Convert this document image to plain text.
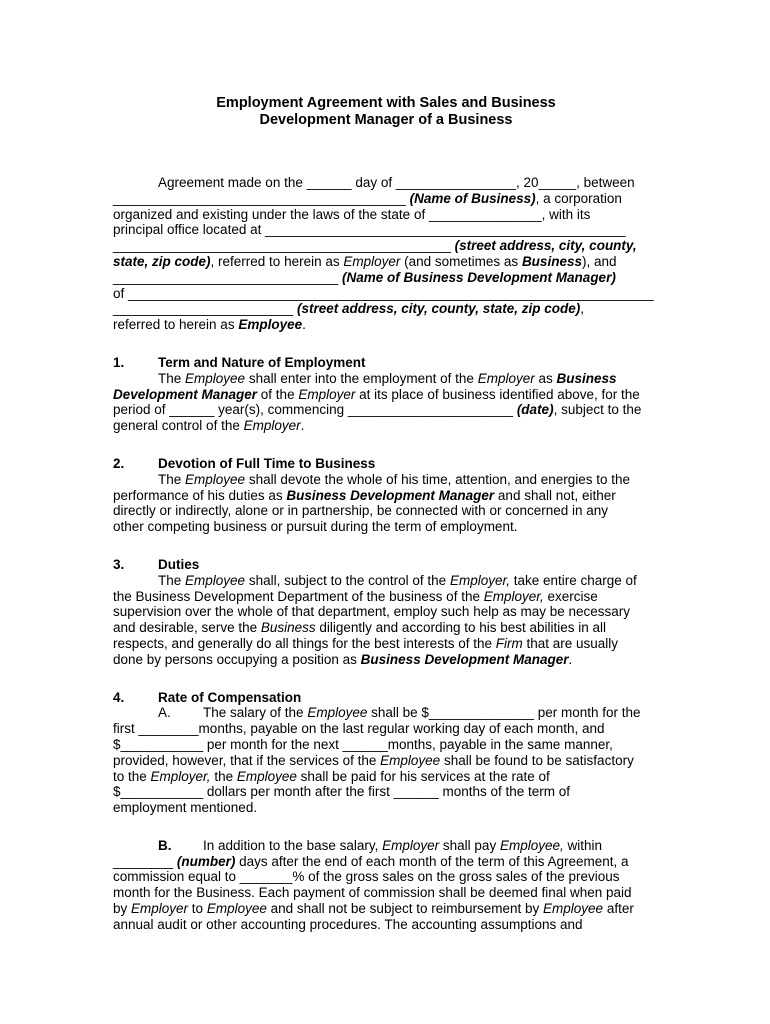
Employment Agreement with Sales and Business
Development Manager of a Business
Agreement made on the ______ day of ________________, 20_____, between
_______________________________________ (Name of Business), a corporation
organized and existing under the laws of the state of _______________, with its
principal office located at ________________________________________________
_____________________________________________ (street address, city, county,
state, zip code), referred to herein as Employer (and sometimes as Business), and
______________________________ (Name of Business Development Manager)
of ______________________________________________________________________
________________________ (street address, city, county, state, zip code),
referred to herein as Employee.
1. Term and Nature of Employment
The Employee shall enter into the employment of the Employer as Business
Development Manager of the Employer at its place of business identified above, for the
period of ______ year(s), commencing ______________________ (date), subject to the
general control of the Employer.
2. Devotion of Full Time to Business
The Employee shall devote the whole of his time, attention, and energies to the
performance of his duties as Business Development Manager and shall not, either
directly or indirectly, alone or in partnership, be connected with or concerned in any
other competing business or pursuit during the term of employment.
3. Duties
The Employee shall, subject to the control of the Employer, take entire charge of
the Business Development Department of the business of the Employer, exercise
supervision over the whole of that department, employ such help as may be necessary
and desirable, serve the Business diligently and according to his best abilities in all
respects, and generally do all things for the best interests of the Firm that are usually
done by persons occupying a position as Business Development Manager.
4. Rate of Compensation
A. The salary of the Employee shall be $______________ per month for the
first ________months, payable on the last regular working day of each month, and
$___________ per month for the next ______months, payable in the same manner,
provided, however, that if the services of the Employee shall be found to be satisfactory
to the Employer, the Employee shall be paid for his services at the rate of
$___________ dollars per month after the first ______ months of the term of
employment mentioned.
B. In addition to the base salary, Employer shall pay Employee, within
________ (number) days after the end of each month of the term of this Agreement, a
commission equal to _______% of the gross sales on the gross sales of the previous
month for the Business. Each payment of commission shall be deemed final when paid
by Employer to Employee and shall not be subject to reimbursement by Employee after
annual audit or other accounting procedures. The accounting assumptions and
